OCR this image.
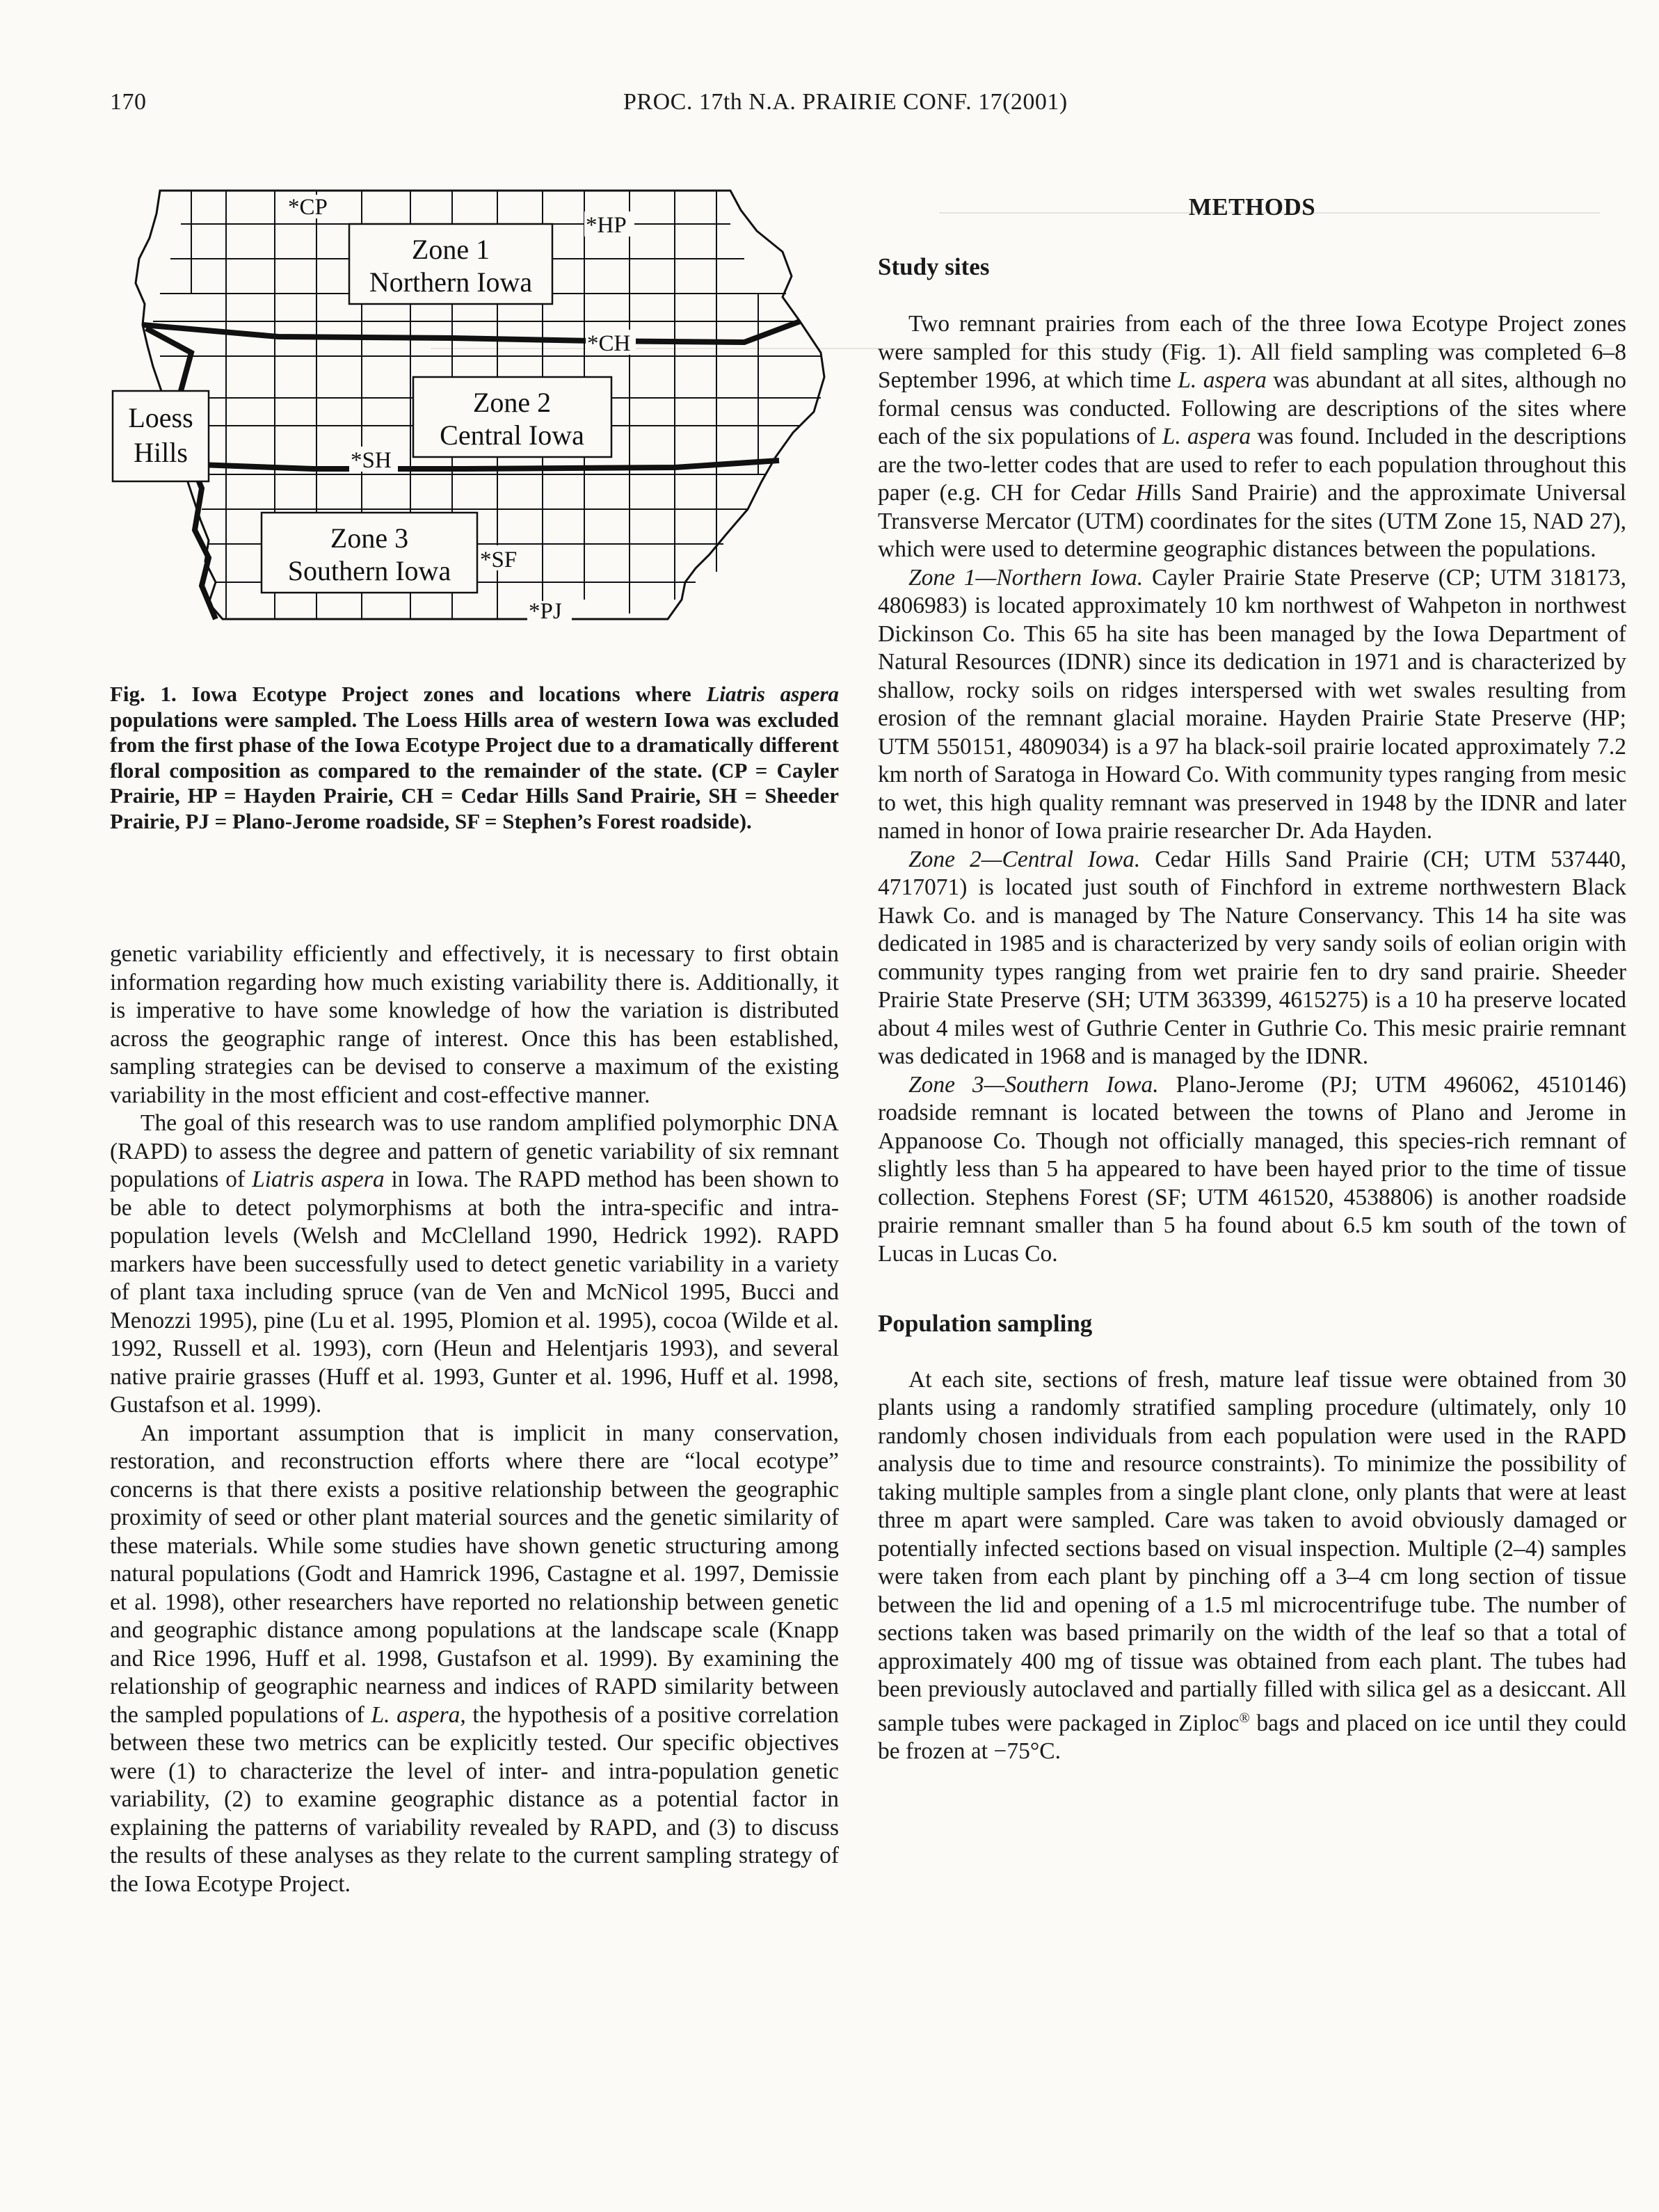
170	PROC. 17th N.A. PRAIRIE CONF. 17(2001)
Zone 1
Northern Iowa
Zone 2
Central Iowa
Zone 3
Southern Iowa
Loess
Hills
*CP
*HP
*CH
*SH
*SF
*PJ
Fig. 1. Iowa Ecotype Project zones and locations where Liatris aspera populations were sampled. The Loess Hills area of western Iowa was excluded from the first phase of the Iowa Ecotype Project due to a dramatically different floral composition as compared to the remainder of the state. (CP = Cayler Prairie, HP = Hayden Prairie, CH = Cedar Hills Sand Prairie, SH = Sheeder Prairie, PJ = Plano-Jerome roadside, SF = Stephen’s Forest roadside).

genetic variability efficiently and effectively, it is necessary to first obtain information regarding how much existing variability there is. Additionally, it is imperative to have some knowledge of how the variation is distributed across the geographic range of interest. Once this has been established, sampling strategies can be devised to conserve a maximum of the existing variability in the most efficient and cost-effective manner.

The goal of this research was to use random amplified polymorphic DNA (RAPD) to assess the degree and pattern of genetic variability of six remnant populations of Liatris aspera in Iowa. The RAPD method has been shown to be able to detect polymorphisms at both the intra-specific and intra-population levels (Welsh and McClelland 1990, Hedrick 1992). RAPD markers have been successfully used to detect genetic variability in a variety of plant taxa including spruce (van de Ven and McNicol 1995, Bucci and Menozzi 1995), pine (Lu et al. 1995, Plomion et al. 1995), cocoa (Wilde et al. 1992, Russell et al. 1993), corn (Heun and Helentjaris 1993), and several native prairie grasses (Huff et al. 1993, Gunter et al. 1996, Huff et al. 1998, Gustafson et al. 1999).

An important assumption that is implicit in many conservation, restoration, and reconstruction efforts where there are “local ecotype” concerns is that there exists a positive relationship between the geographic proximity of seed or other plant material sources and the genetic similarity of these materials. While some studies have shown genetic structuring among natural populations (Godt and Hamrick 1996, Castagne et al. 1997, Demissie et al. 1998), other researchers have reported no relationship between genetic and geographic distance among populations at the landscape scale (Knapp and Rice 1996, Huff et al. 1998, Gustafson et al. 1999). By examining the relationship of geographic nearness and indices of RAPD similarity between the sampled populations of L. aspera, the hypothesis of a positive correlation between these two metrics can be explicitly tested. Our specific objectives were (1) to characterize the level of inter- and intra-population genetic variability, (2) to examine geographic distance as a potential factor in explaining the patterns of variability revealed by RAPD, and (3) to discuss the results of these analyses as they relate to the current sampling strategy of the Iowa Ecotype Project.

METHODS
Study sites

Two remnant prairies from each of the three Iowa Ecotype Project zones were sampled for this study (Fig. 1). All field sampling was completed 6–8 September 1996, at which time L. aspera was abundant at all sites, although no formal census was conducted. Following are descriptions of the sites where each of the six populations of L. aspera was found. Included in the descriptions are the two-letter codes that are used to refer to each population throughout this paper (e.g. CH for Cedar Hills Sand Prairie) and the approximate Universal Transverse Mercator (UTM) coordinates for the sites (UTM Zone 15, NAD 27), which were used to determine geographic distances between the populations.

Zone 1—Northern Iowa. Cayler Prairie State Preserve (CP; UTM 318173, 4806983) is located approximately 10 km northwest of Wahpeton in northwest Dickinson Co. This 65 ha site has been managed by the Iowa Department of Natural Resources (IDNR) since its dedication in 1971 and is characterized by shallow, rocky soils on ridges interspersed with wet swales resulting from erosion of the remnant glacial moraine. Hayden Prairie State Preserve (HP; UTM 550151, 4809034) is a 97 ha black-soil prairie located approximately 7.2 km north of Saratoga in Howard Co. With community types ranging from mesic to wet, this high quality remnant was preserved in 1948 by the IDNR and later named in honor of Iowa prairie researcher Dr. Ada Hayden.

Zone 2—Central Iowa. Cedar Hills Sand Prairie (CH; UTM 537440, 4717071) is located just south of Finchford in extreme northwestern Black Hawk Co. and is managed by The Nature Conservancy. This 14 ha site was dedicated in 1985 and is characterized by very sandy soils of eolian origin with community types ranging from wet prairie fen to dry sand prairie. Sheeder Prairie State Preserve (SH; UTM 363399, 4615275) is a 10 ha preserve located about 4 miles west of Guthrie Center in Guthrie Co. This mesic prairie remnant was dedicated in 1968 and is managed by the IDNR.

Zone 3—Southern Iowa. Plano-Jerome (PJ; UTM 496062, 4510146) roadside remnant is located between the towns of Plano and Jerome in Appanoose Co. Though not officially managed, this species-rich remnant of slightly less than 5 ha appeared to have been hayed prior to the time of tissue collection. Stephens Forest (SF; UTM 461520, 4538806) is another roadside prairie remnant smaller than 5 ha found about 6.5 km south of the town of Lucas in Lucas Co.

Population sampling

At each site, sections of fresh, mature leaf tissue were obtained from 30 plants using a randomly stratified sampling procedure (ultimately, only 10 randomly chosen individuals from each population were used in the RAPD analysis due to time and resource constraints). To minimize the possibility of taking multiple samples from a single plant clone, only plants that were at least three m apart were sampled. Care was taken to avoid obviously damaged or potentially infected sections based on visual inspection. Multiple (2–4) samples were taken from each plant by pinching off a 3–4 cm long section of tissue between the lid and opening of a 1.5 ml microcentrifuge tube. The number of sections taken was based primarily on the width of the leaf so that a total of approximately 400 mg of tissue was obtained from each plant. The tubes had been previously autoclaved and partially filled with silica gel as a desiccant. All sample tubes were packaged in Ziploc® bags and placed on ice until they could be frozen at −75°C.
